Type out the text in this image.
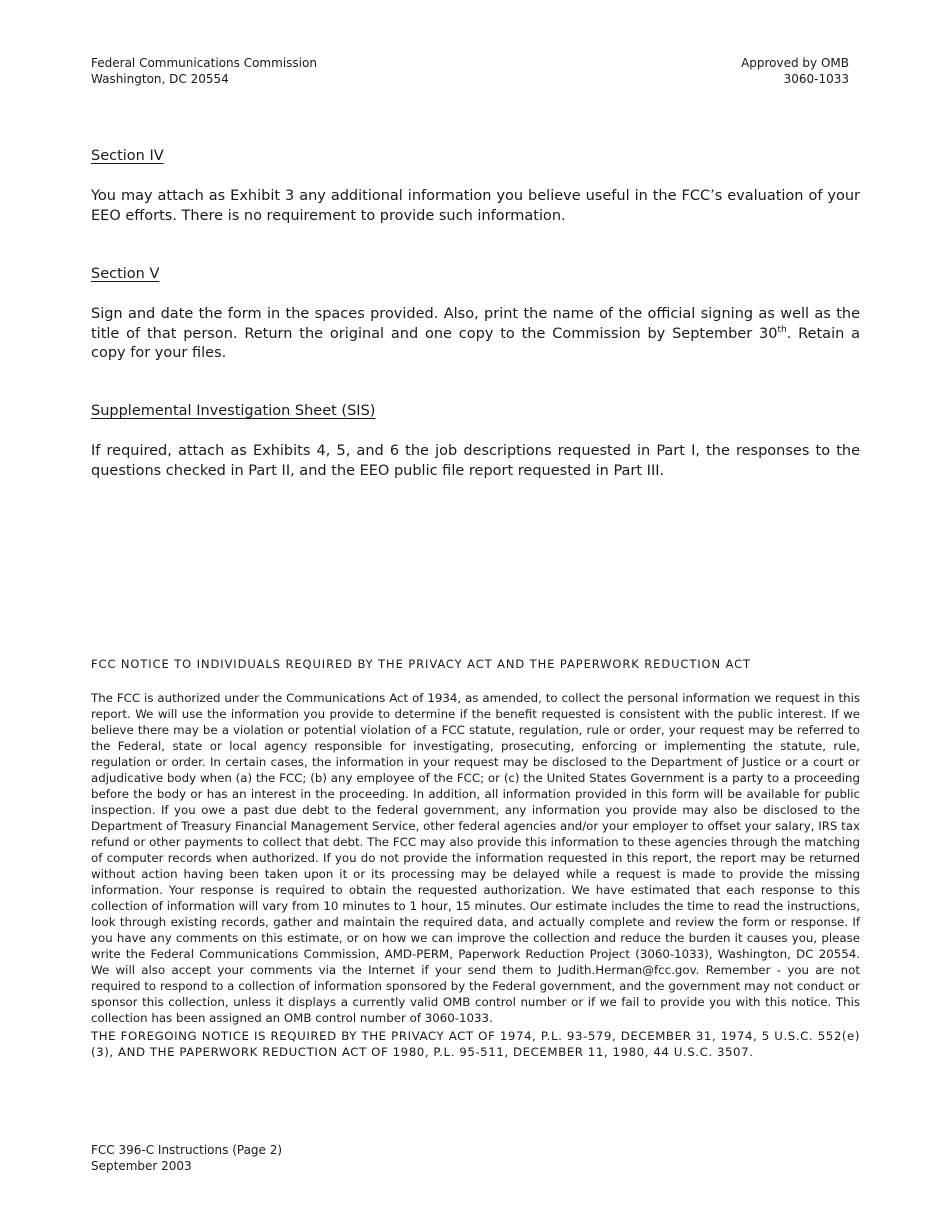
Federal Communications Commission
Washington, DC 20554
Approved by OMB
3060-1033
Section IV
You may attach as Exhibit 3 any additional information you believe useful in the FCC’s evaluation of your EEO efforts. There is no requirement to provide such information.
Section V
Sign and date the form in the spaces provided. Also, print the name of the official signing as well as the title of that person. Return the original and one copy to the Commission by September 30th. Retain a copy for your files.
Supplemental Investigation Sheet (SIS)
If required, attach as Exhibits 4, 5, and 6 the job descriptions requested in Part I, the responses to the questions checked in Part II, and the EEO public file report requested in Part III.
FCC NOTICE TO INDIVIDUALS REQUIRED BY THE PRIVACY ACT AND THE PAPERWORK REDUCTION ACT
The FCC is authorized under the Communications Act of 1934, as amended, to collect the personal information we request in this report. We will use the information you provide to determine if the benefit requested is consistent with the public interest. If we believe there may be a violation or potential violation of a FCC statute, regulation, rule or order, your request may be referred to the Federal, state or local agency responsible for investigating, prosecuting, enforcing or implementing the statute, rule, regulation or order. In certain cases, the information in your request may be disclosed to the Department of Justice or a court or adjudicative body when (a) the FCC; (b) any employee of the FCC; or (c) the United States Government is a party to a proceeding before the body or has an interest in the proceeding. In addition, all information provided in this form will be available for public inspection. If you owe a past due debt to the federal government, any information you provide may also be disclosed to the Department of Treasury Financial Management Service, other federal agencies and/or your employer to offset your salary, IRS tax refund or other payments to collect that debt. The FCC may also provide this information to these agencies through the matching of computer records when authorized. If you do not provide the information requested in this report, the report may be returned without action having been taken upon it or its processing may be delayed while a request is made to provide the missing information. Your response is required to obtain the requested authorization. We have estimated that each response to this collection of information will vary from 10 minutes to 1 hour, 15 minutes. Our estimate includes the time to read the instructions, look through existing records, gather and maintain the required data, and actually complete and review the form or response. If you have any comments on this estimate, or on how we can improve the collection and reduce the burden it causes you, please write the Federal Communications Commission, AMD-PERM, Paperwork Reduction Project (3060-1033), Washington, DC 20554. We will also accept your comments via the Internet if your send them to Judith.Herman@fcc.gov. Remember - you are not required to respond to a collection of information sponsored by the Federal government, and the government may not conduct or sponsor this collection, unless it displays a currently valid OMB control number or if we fail to provide you with this notice. This collection has been assigned an OMB control number of 3060-1033.
THE FOREGOING NOTICE IS REQUIRED BY THE PRIVACY ACT OF 1974, P.L. 93-579, DECEMBER 31, 1974, 5 U.S.C. 552(e)(3), AND THE PAPERWORK REDUCTION ACT OF 1980, P.L. 95-511, DECEMBER 11, 1980, 44 U.S.C. 3507.
FCC 396-C Instructions (Page 2)
September 2003
